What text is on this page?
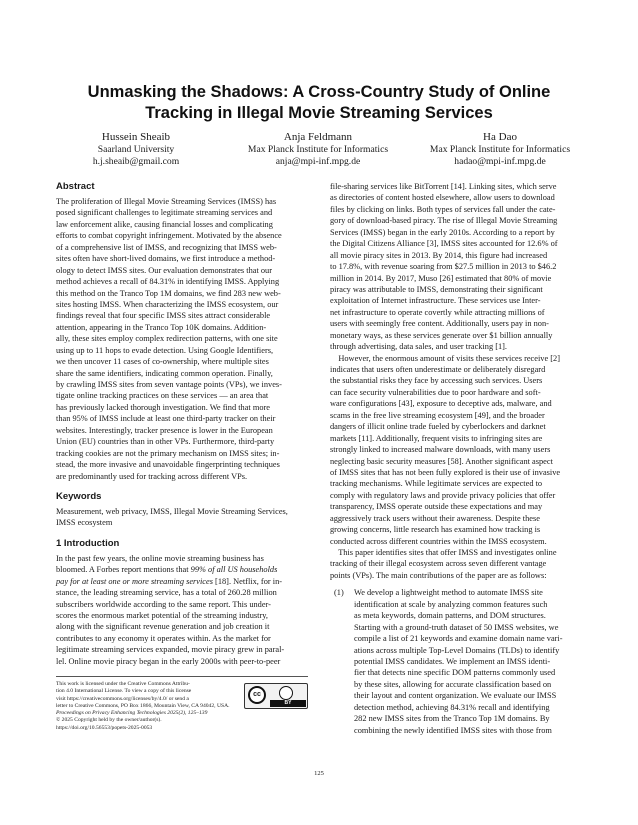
Unmasking the Shadows: A Cross-Country Study of Online
Tracking in Illegal Movie Streaming Services
Hussein Sheaib
Saarland University
h.j.sheaib@gmail.com
Anja Feldmann
Max Planck Institute for Informatics
anja@mpi-inf.mpg.de
Ha Dao
Max Planck Institute for Informatics
hadao@mpi-inf.mpg.de
Abstract
The proliferation of Illegal Movie Streaming Services (IMSS) has
posed significant challenges to legitimate streaming services and
law enforcement alike, causing financial losses and complicating
efforts to combat copyright infringement. Motivated by the absence
of a comprehensive list of IMSS, and recognizing that IMSS web-
sites often have short-lived domains, we first introduce a method-
ology to detect IMSS sites. Our evaluation demonstrates that our
method achieves a recall of 84.31% in identifying IMSS. Applying
this method on the Tranco Top 1M domains, we find 283 new web-
sites hosting IMSS. When characterizing the IMSS ecosystem, our
findings reveal that four specific IMSS sites attract considerable
attention, appearing in the Tranco Top 10K domains. Addition-
ally, these sites employ complex redirection patterns, with one site
using up to 11 hops to evade detection. Using Google Identifiers,
we then uncover 11 cases of co-ownership, where multiple sites
share the same identifiers, indicating common operation. Finally,
by crawling IMSS sites from seven vantage points (VPs), we inves-
tigate online tracking practices on these services — an area that
has previously lacked thorough investigation. We find that more
than 95% of IMSS include at least one third-party tracker on their
websites. Interestingly, tracker presence is lower in the European
Union (EU) countries than in other VPs. Furthermore, third-party
tracking cookies are not the primary mechanism on IMSS sites; in-
stead, the more invasive and unavoidable fingerprinting techniques
are predominantly used for tracking across different VPs.
Keywords
Measurement, web privacy, IMSS, Illegal Movie Streaming Services,
IMSS ecosystem
1 Introduction
In the past few years, the online movie streaming business has
bloomed. A Forbes report mentions that 99% of all US households
pay for at least one or more streaming services [18]. Netflix, for in-
stance, the leading streaming service, has a total of 260.28 million
subscribers worldwide according to the same report. This under-
scores the enormous market potential of the streaming industry,
along with the significant revenue generation and job creation it
contributes to any economy it operates within. As the market for
legitimate streaming services expanded, movie piracy grew in paral-
lel. Online movie piracy began in the early 2000s with peer-to-peer
This work is licensed under the Creative Commons Attribu-
tion 4.0 International License. To view a copy of this license
visit https://creativecommons.org/licenses/by/4.0/ or send a
letter to Creative Commons, PO Box 1866, Mountain View, CA 94042, USA.
Proceedings on Privacy Enhancing Technologies 2025(2), 125–139
© 2025 Copyright held by the owner/author(s).
https://doi.org/10.56553/popets-2025-0053
cc
BY
file-sharing services like BitTorrent [14]. Linking sites, which serve
as directories of content hosted elsewhere, allow users to download
files by clicking on links. Both types of services fall under the cate-
gory of download-based piracy. The rise of Illegal Movie Streaming
Services (IMSS) began in the early 2010s. According to a report by
the Digital Citizens Alliance [3], IMSS sites accounted for 12.6% of
all movie piracy sites in 2013. By 2014, this figure had increased
to 17.8%, with revenue soaring from $27.5 million in 2013 to $46.2
million in 2014. By 2017, Muso [26] estimated that 80% of movie
piracy was attributable to IMSS, demonstrating their significant
exploitation of Internet infrastructure. These services use Inter-
net infrastructure to operate covertly while attracting millions of
users with seemingly free content. Additionally, users pay in non-
monetary ways, as these services generate over $1 billion annually
through advertising, data sales, and user tracking [1].
However, the enormous amount of visits these services receive [2]
indicates that users often underestimate or deliberately disregard
the substantial risks they face by accessing such services. Users
can face security vulnerabilities due to poor hardware and soft-
ware configurations [43], exposure to deceptive ads, malware, and
scams in the free live streaming ecosystem [49], and the broader
dangers of illicit online trade fueled by cyberlockers and darknet
markets [11]. Additionally, frequent visits to infringing sites are
strongly linked to increased malware downloads, with many users
neglecting basic security measures [58]. Another significant aspect
of IMSS sites that has not been fully explored is their use of invasive
tracking mechanisms. While legitimate services are expected to
comply with regulatory laws and provide privacy policies that offer
transparency, IMSS operate outside these expectations and may
aggressively track users without their awareness. Despite these
growing concerns, little research has examined how tracking is
conducted across different countries within the IMSS ecosystem.
This paper identifies sites that offer IMSS and investigates online
tracking of their illegal ecosystem across seven different vantage
points (VPs). The main contributions of the paper are as follows:
(1) We develop a lightweight method to automate IMSS site
identification at scale by analyzing common features such
as meta keywords, domain patterns, and DOM structures.
Starting with a ground-truth dataset of 50 IMSS websites, we
compile a list of 21 keywords and examine domain name vari-
ations across multiple Top-Level Domains (TLDs) to identify
potential IMSS candidates. We implement an IMSS identi-
fier that detects nine specific DOM patterns commonly used
by these sites, allowing for accurate classification based on
their layout and content organization. We evaluate our IMSS
detection method, achieving 84.31% recall and identifying
282 new IMSS sites from the Tranco Top 1M domains. By
combining the newly identified IMSS sites with those from
125
